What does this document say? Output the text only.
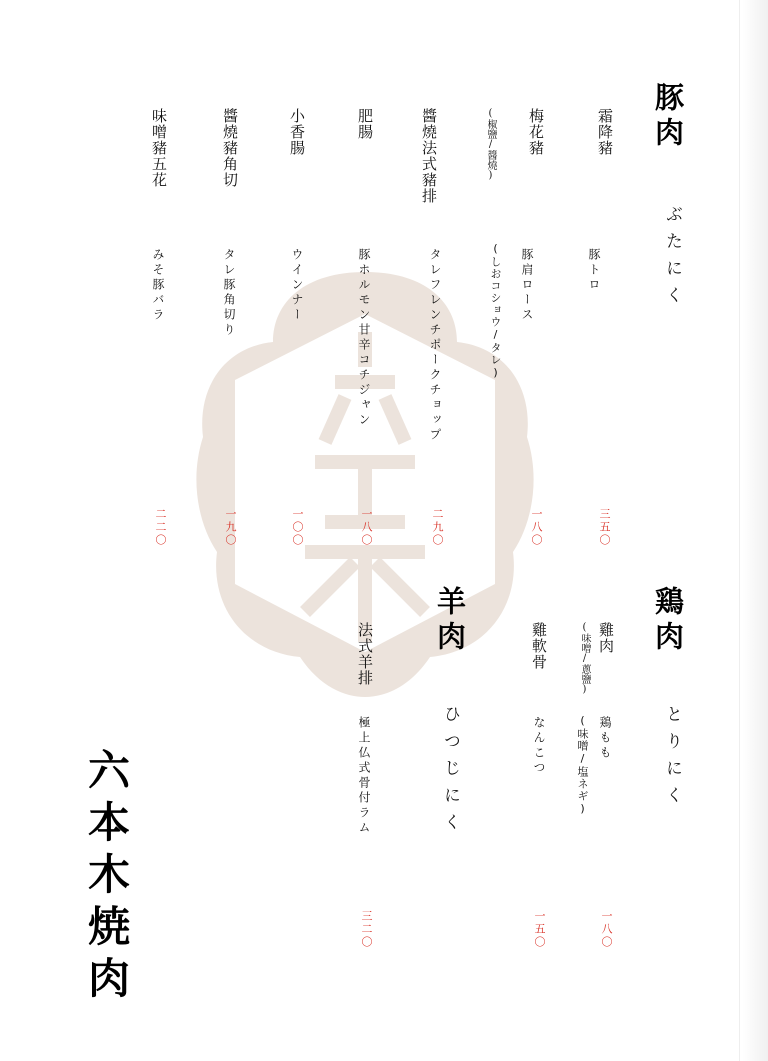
豚肉
ぶたにく
霜降豬
豚トロ
三五〇
梅花豬
(椒鹽/醬燒)
豚肩ロース
(しおコショウ/タレ)
一八〇
醬燒法式豬排
タレフレンチポークチョップ
二九〇
肥腸
豚ホルモン甘辛コチジャン
一八〇
小香腸
ウインナー
一〇〇
醬燒豬角切
タレ豚角切り
一九〇
味噌豬五花
みそ豚バラ
二二〇
鶏肉
とりにく
雞肉
(味噌/蔥鹽)
鶏もも
(味噌/塩ネギ)
一八〇
雞軟骨
なんこつ
一五〇
羊肉
ひつじにく
法式羊排
極上仏式骨付ラム
三二〇
六本木焼肉
